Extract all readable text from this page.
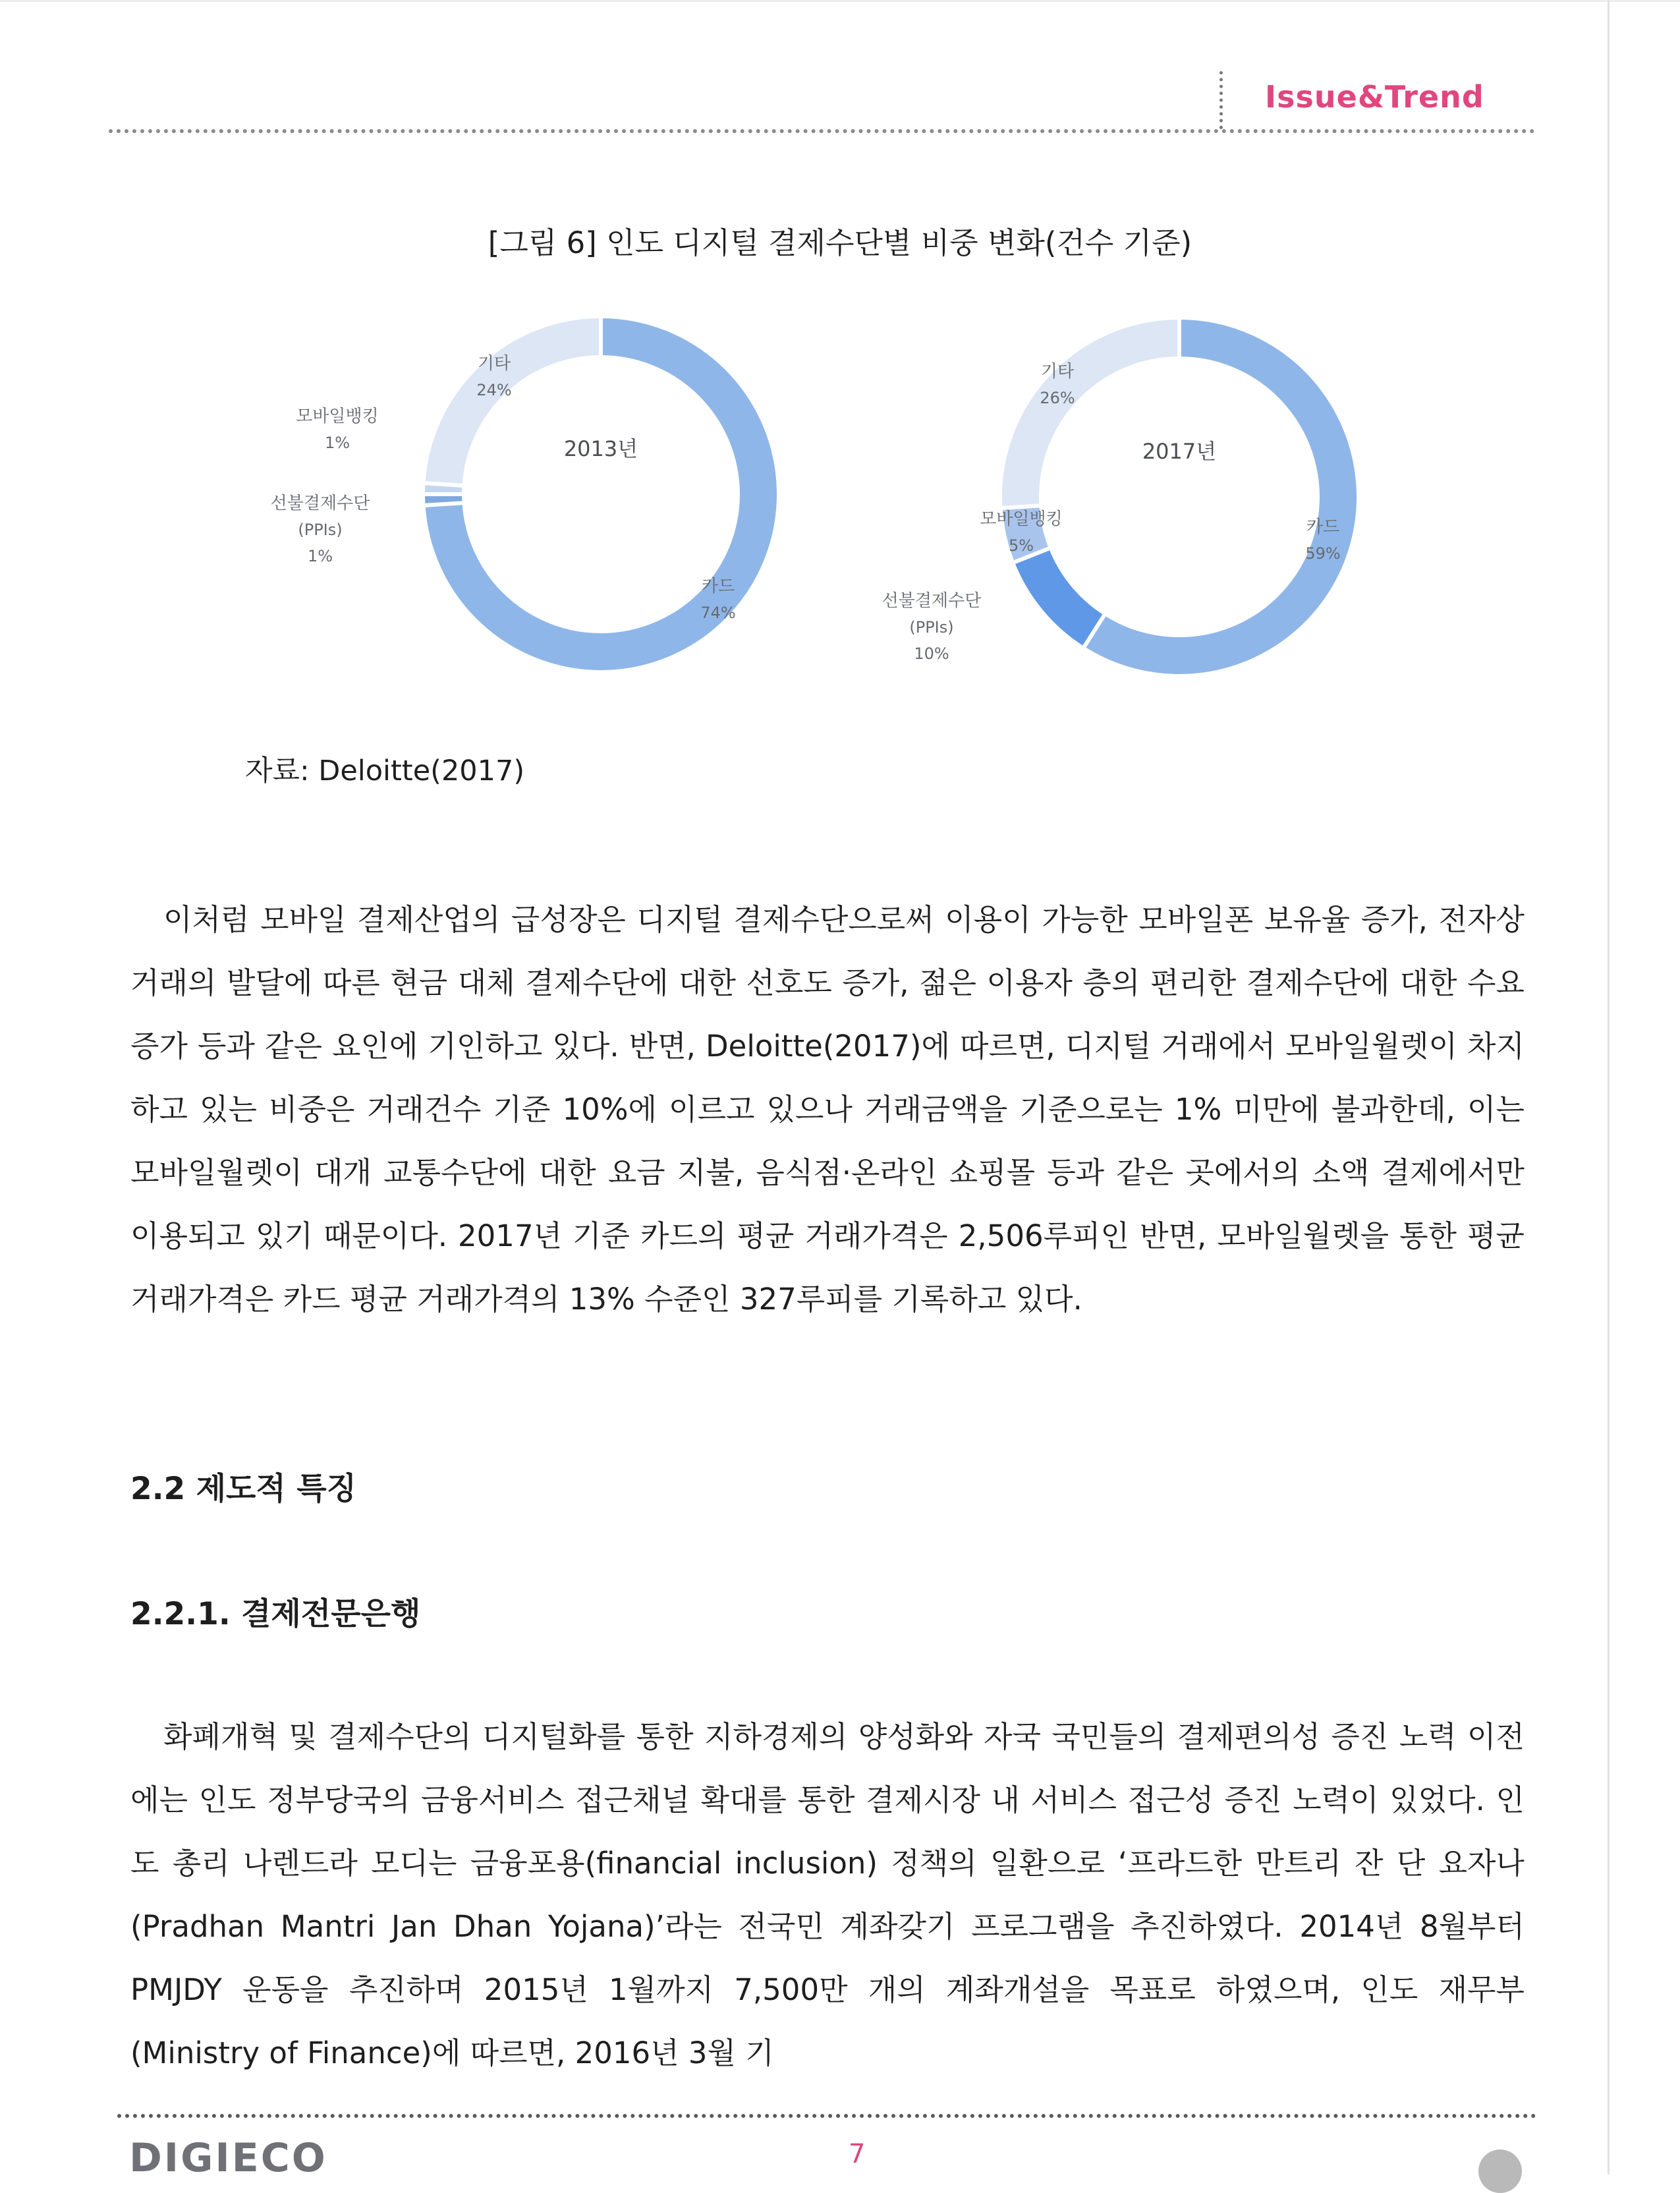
Issue&Trend
[그림 6] 인도 디지털 결제수단별 비중 변화(건수 기준)
카드
74%
선불결제수단
(PPIs)
1%
모바일뱅킹
1%
기타
24%
2013년
카드
59%
선불결제수단
(PPIs)
10%
모바일뱅킹
5%
기타
26%
2017년
자료: Deloitte(2017)

이처럼 모바일 결제산업의 급성장은 디지털 결제수단으로써 이용이 가능한 모바일폰 보유율 증가, 전자상거래의 발달에 따른 현금 대체 결제수단에 대한 선호도 증가, 젊은 이용자 층의 편리한 결제수단에 대한 수요 증가 등과 같은 요인에 기인하고 있다. 반면, Deloitte(2017)에 따르면, 디지털 거래에서 모바일월렛이 차지하고 있는 비중은 거래건수 기준 10%에 이르고 있으나 거래금액을 기준으로는 1% 미만에 불과한데, 이는 모바일월렛이 대개 교통수단에 대한 요금 지불, 음식점·온라인 쇼핑몰 등과 같은 곳에서의 소액 결제에서만 이용되고 있기 때문이다. 2017년 기준 카드의 평균 거래가격은 2,506루피인 반면, 모바일월렛을 통한 평균 거래가격은 카드 평균 거래가격의 13% 수준인 327루피를 기록하고 있다.

2.2 제도적 특징
2.2.1. 결제전문은행

화폐개혁 및 결제수단의 디지털화를 통한 지하경제의 양성화와 자국 국민들의 결제편의성 증진 노력 이전에는 인도 정부당국의 금융서비스 접근채널 확대를 통한 결제시장 내 서비스 접근성 증진 노력이 있었다. 인도 총리 나렌드라 모디는 금융포용(financial inclusion) 정책의 일환으로 ‘프라드한 만트리 잔 단 요자나(Pradhan Mantri Jan Dhan Yojana)’라는 전국민 계좌갖기 프로그램을 추진하였다. 2014년 8월부터 PMJDY 운동을 추진하며 2015년 1월까지 7,500만 개의 계좌개설을 목표로 하였으며, 인도 재무부(Ministry of Finance)에 따르면, 2016년 3월 기

DIGIECO	7
